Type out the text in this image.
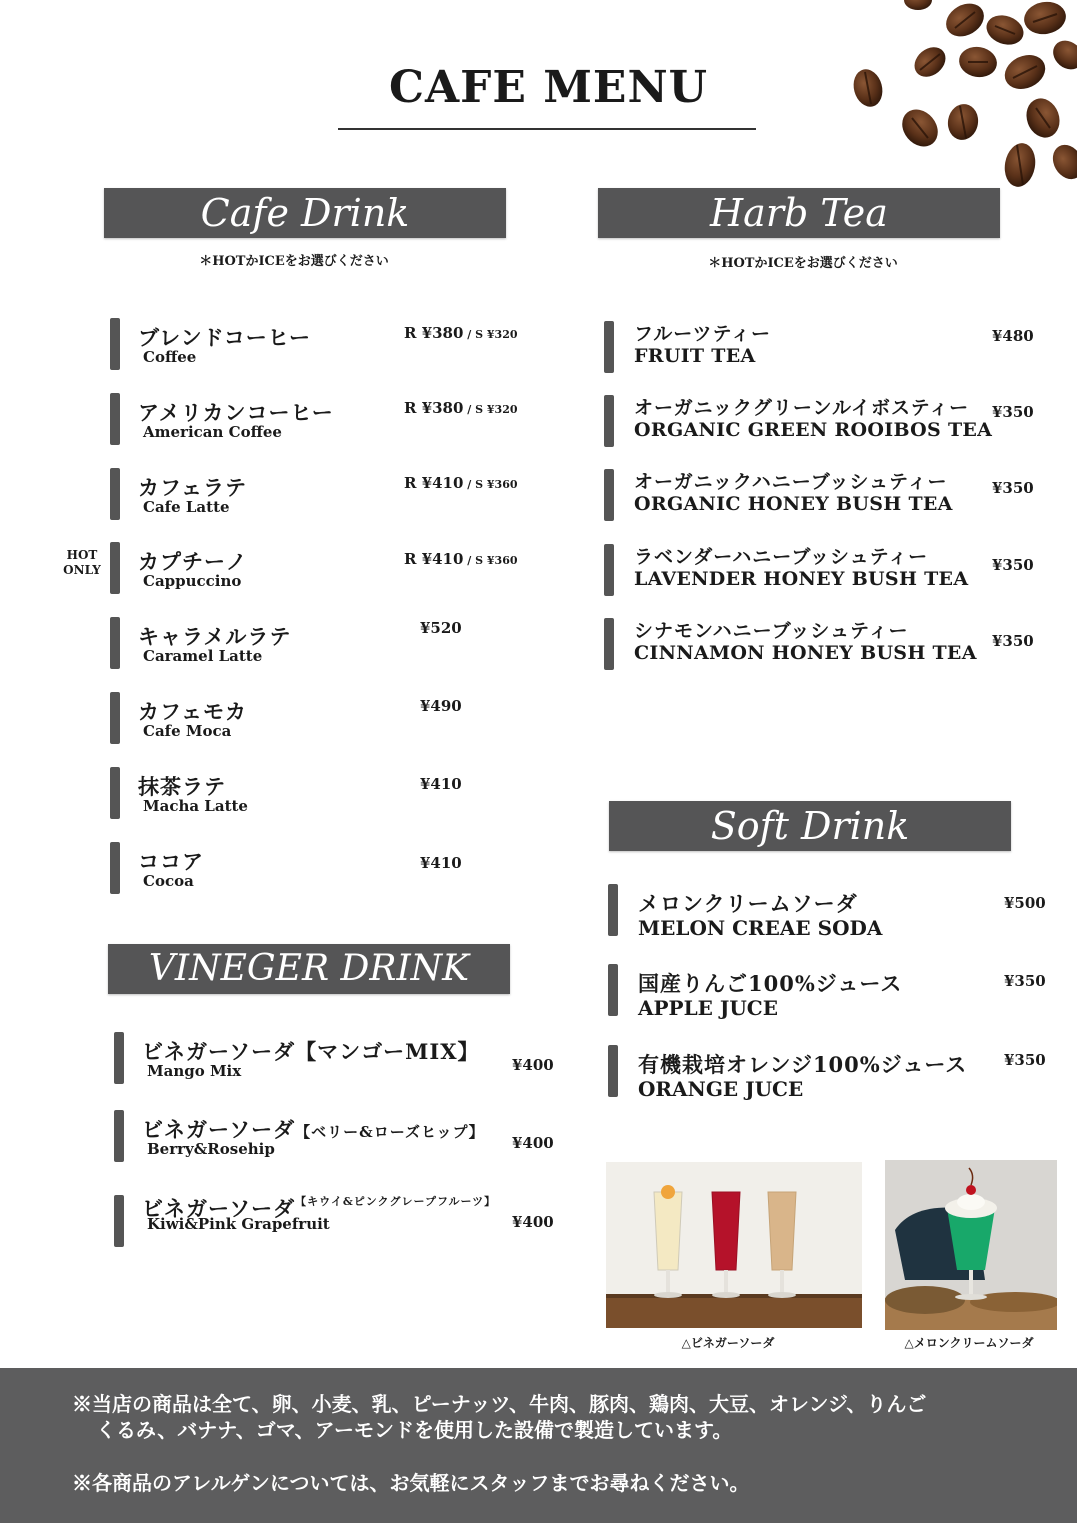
CAFE MENU
Cafe Drink
＊HOTかICEをお選びください
HOT
ONLY
ブレンドコーヒー
Coffee
R ¥380 / S ¥320
アメリカンコーヒー
American Coffee
R ¥380 / S ¥320
カフェラテ
Cafe Latte
R ¥410 / S ¥360
カプチーノ
Cappuccino
R ¥410 / S ¥360
キャラメルラテ
Caramel Latte
¥520
カフェモカ
Cafe Moca
¥490
抹茶ラテ
Macha Latte
¥410
ココア
Cocoa
¥410
Harb Tea
＊HOTかICEをお選びください
フルーツティー
FRUIT TEA
¥480
オーガニックグリーンルイボスティー
ORGANIC GREEN ROOIBOS TEA
¥350
オーガニックハニーブッシュティー
ORGANIC HONEY BUSH TEA
¥350
ラベンダーハニーブッシュティー
LAVENDER HONEY BUSH TEA
¥350
シナモンハニーブッシュティー
CINNAMON HONEY BUSH TEA
¥350
VINEGER DRINK
ビネガーソーダ【マンゴーMIX】
Mango Mix	¥400
ビネガーソーダ【ベリー&ローズヒップ】
Berry&Rosehip	¥400
ビネガーソーダ$^{【キウイ\&ピンクグレープフルーツ】}$
Kiwi&Pink Grapefruit	¥400
Soft Drink
メロンクリームソーダ
MELON CREAE SODA
¥500
国産りんご100%ジュース
APPLE JUCE
¥350
有機栽培オレンジ100%ジュース
ORANGE JUCE
¥350
△ビネガーソーダ	△メロンクリームソーダ
※当店の商品は全て、卵、小麦、乳、ピーナッツ、牛肉、豚肉、鶏肉、大豆、オレンジ、りんご
くるみ、バナナ、ゴマ、アーモンドを使用した設備で製造しています。
※各商品のアレルゲンについては、お気軽にスタッフまでお尋ねください。
